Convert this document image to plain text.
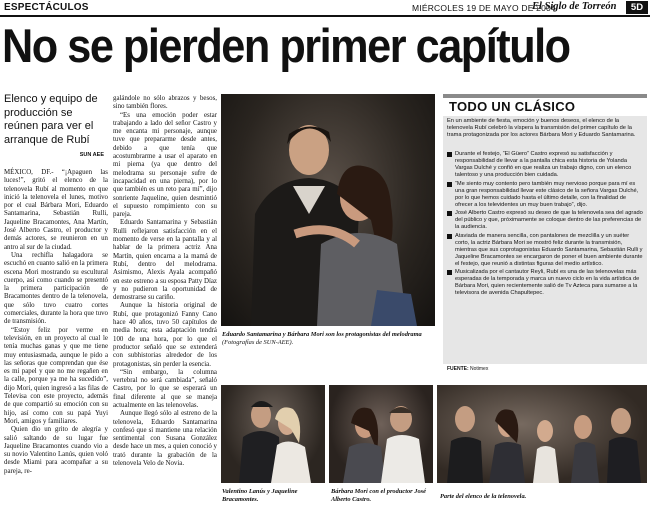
ESPECTÁCULOS	MIÉRCOLES 19 DE MAYO DE 2004
El Siglo de Torreón	5D
No se pierden primer capítulo
Elenco y equipo de producción se reúnen para ver el arranque de Rubí
SUN AEE

MÉXICO, DF.- “¡Apaguen las luces!”, gritó el elenco de la telenovela Rubí al momento en que inició la telenovela el lunes, motivo por el cual Bárbara Mori, Eduardo Santamarina, Sebastián Rulli, Jaqueline Bracamontes, Ana Martín, José Alberto Castro, el productor y demás actores, se reunieron en un antro al sur de la ciudad.

Una rechifla halagadora se escuchó en cuanto salió en la primera escena Mori mostrando su escultural cuerpo, así como cuando se presentó la primera participación de Bracamontes dentro de la telenovela, que sólo tuvo cuatro cortes comerciales, durante la hora que tuvo de transmisión.

“Estoy feliz por verme en televisión, en un proyecto al cual le tenía muchas ganas y que me tiene muy entusiasmada, aunque le pido a las señoras que comprendan que ése es mi papel y que no me regañen en la calle, porque ya me ha sucedido”, dijo Mori, quien ingresó a las filas de Televisa con este proyecto, además de que compartió su emoción con su hijo, así como con su papá Yuyi Mori, amigos y familiares.

Quien dio un grito de alegría y salió saltando de su lugar fue Jaqueline Bracamontes cuando vio a su novio Valentino Lanús, quien voló desde Miami para acompañar a su pareja, re-

galándole no sólo abrazos y besos, sino también flores.

“Es una emoción poder estar trabajando a lado del señor Castro y me encanta mi personaje, aunque tuve que prepararme desde antes, debido a que tenía que acostumbrarme a usar el aparato en mi pierna (ya que dentro del melodrama su personaje sufre de incapacidad en una pierna), por lo que también es un reto para mí”, dijo sonriente Jaqueline, quien desmintió el supuesto rompimiento con su pareja.

Eduardo Santamarina y Sebastián Rulli reflejaron satisfacción en el momento de verse en la pantalla y al hablar de la primera actriz Ana Martín, quien encarna a la mamá de Rubí, dentro del melodrama. Asimismo, Alexis Ayala acompañó en este estreno a su esposa Patty Díaz y no pudieron la oportunidad de demostrarse su cariño.

Aunque la historia original de Rubí, que protagonizó Fanny Cano hace 40 años, tuvo 50 capítulos de media hora; esta adaptación tendrá 100 de una hora, por lo que el productor señaló que se extenderá con subhistorias alrededor de los protagonistas, sin perder la esencia.

“Sin embargo, la columna vertebral no será cambiada”, señaló Castro, por lo que se esperará un final diferente al que se maneja actualmente en las telenovelas.

Aunque llegó sólo al estreno de la telenovela, Eduardo Santamarina confesó que sí mantiene una relación sentimental con Susana González desde hace un mes, a quien conoció y trató durante la grabación de la telenovela Velo de Novia.

Eduardo Santamarina y Bárbara Mori son los protagonistas del melodrama (Fotografías de SUN-AEE).
Valentino Lanús y Jaqueline Bracamontes.
Bárbara Mori con el productor José Alberto Castro.	Parte del elenco de la telenovela.
TODO UN CLÁSICO
En un ambiente de fiesta, emoción y buenos deseos, el elenco de la telenovela Rubí celebró la víspera la transmisión del primer capítulo de la trama protagonizada por los actores Bárbara Mori y Eduardo Santamarina.
Durante el festejo, “El Güero” Castro expresó su satisfacción y responsabilidad de llevar a la pantalla chica esta historia de Yolanda Vargas Dulché y confió en que realiza un trabajo digno, con un elenco talentoso y una producción bien cuidada.
“Me siento muy contento pero también muy nervioso porque para mí es una gran responsabilidad llevar este clásico de la señora Vargas Dulché, por lo que hemos cuidado hasta el último detalle, con la finalidad de ofrecer a los televidentes un muy buen trabajo”, dijo.
José Alberto Castro expresó su deseo de que la telenovela sea del agrado del público y que, próximamente se coloque dentro de las preferencias de la audiencia.
Ataviada de manera sencilla, con pantalones de mezclilla y un suéter corto, la actriz Bárbara Mori se mostró feliz durante la transmisión, mientras que sus coprotagonistas Eduardo Santamarina, Sebastián Rulli y Jaqueline Bracamontes se encargaron de poner el buen ambiente durante el festejo, que reunió a distintas figuras del medio artístico.
Musicalizada por el cantautor Reyli, Rubí es una de las telenovelas más esperadas de la temporada y marca un nuevo ciclo en la vida artística de Bárbara Mori, quien recientemente salió de Tv Azteca para sumarse a la televisora de avenida Chapultepec.
FUENTE: Notimex
